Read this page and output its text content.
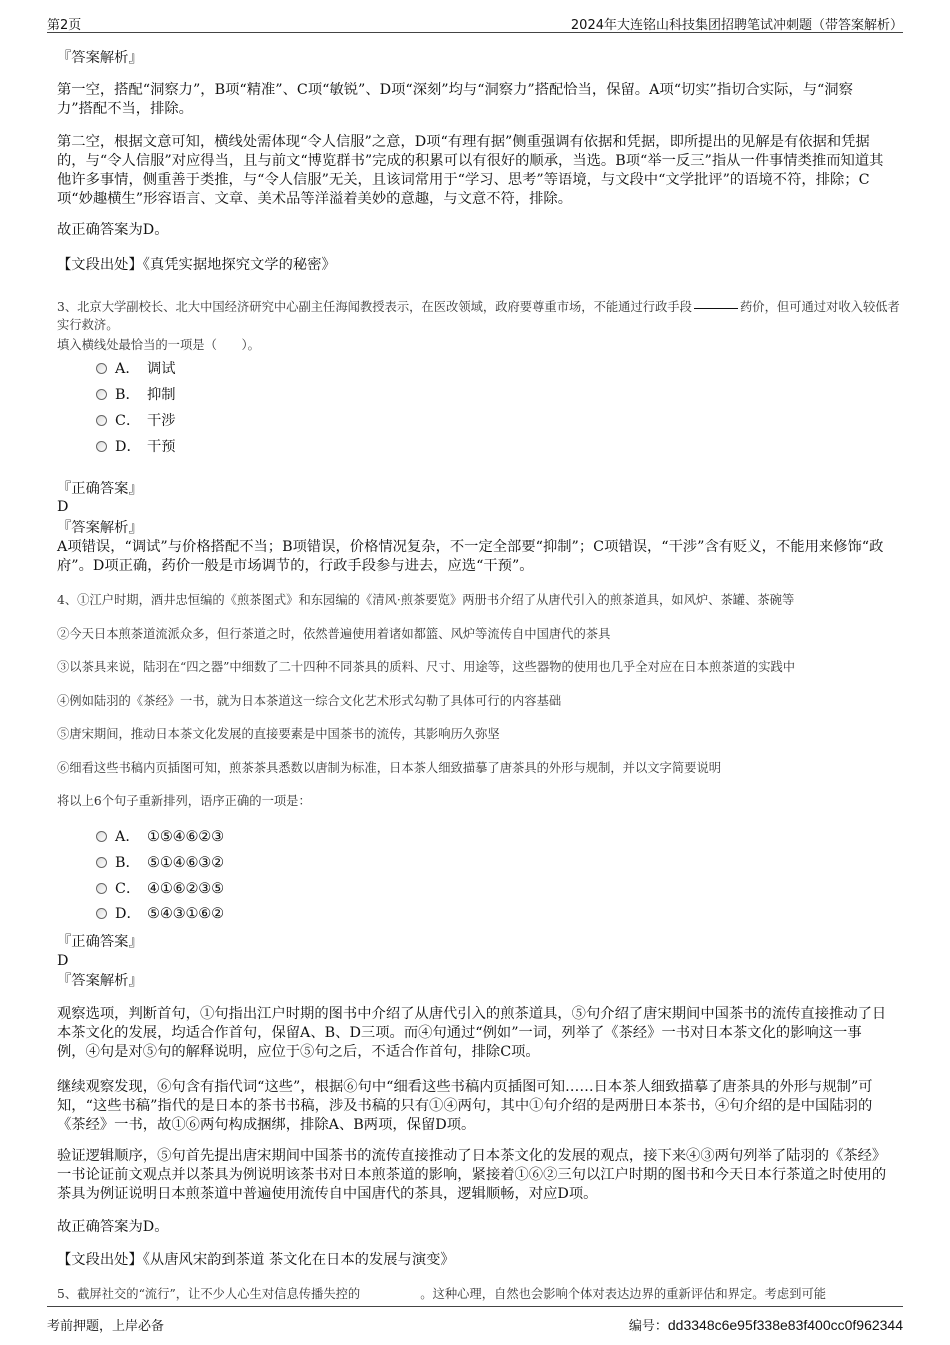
第2页	2024年大连铭山科技集团招聘笔试冲刺题（带答案解析）
『答案解析』
第一空，搭配“洞察力”，B项“精准”、C项“敏锐”、D项“深刻”均与“洞察力”搭配恰当，保留。A项“切实”指切合实际，与“洞察力”搭配不当，排除。
第二空，根据文意可知，横线处需体现“令人信服”之意，D项“有理有据”侧重强调有依据和凭据，即所提出的见解是有依据和凭据的，与“令人信服”对应得当，且与前文“博览群书”完成的积累可以有很好的顺承，当选。B项“举一反三”指从一件事情类推而知道其他许多事情，侧重善于类推，与“令人信服”无关，且该词常用于“学习、思考”等语境，与文段中“文学批评”的语境不符，排除；C项“妙趣横生”形容语言、文章、美术品等洋溢着美妙的意趣，与文意不符，排除。
故正确答案为D。
【文段出处】《真凭实据地探究文学的秘密》
3、北京大学副校长、北大中国经济研究中心副主任海闻教授表示，在医改领域，政府要尊重市场，不能通过行政手段	药价，但可通过对收入较低者实行救济。
填入横线处最恰当的一项是（　　）。
A． 调试
B． 抑制
C． 干涉
D． 干预
『正确答案』
D
『答案解析』
A项错误，“调试”与价格搭配不当；B项错误，价格情况复杂，不一定全部要“抑制”；C项错误，“干涉”含有贬义，不能用来修饰“政府”。D项正确，药价一般是市场调节的，行政手段参与进去，应选“干预”。
4、①江户时期，酒井忠恒编的《煎茶图式》和东园编的《清风·煎茶要览》两册书介绍了从唐代引入的煎茶道具，如风炉、茶罐、茶碗等
②今天日本煎茶道流派众多，但行茶道之时，依然普遍使用着诸如都篮、风炉等流传自中国唐代的茶具
③以茶具来说，陆羽在“四之器”中细数了二十四种不同茶具的质料、尺寸、用途等，这些器物的使用也几乎全对应在日本煎茶道的实践中
④例如陆羽的《茶经》一书，就为日本茶道这一综合文化艺术形式勾勒了具体可行的内容基础
⑤唐宋期间，推动日本茶文化发展的直接要素是中国茶书的流传，其影响历久弥坚
⑥细看这些书稿内页插图可知，煎茶茶具悉数以唐制为标准，日本茶人细致描摹了唐茶具的外形与规制，并以文字简要说明
将以上6个句子重新排列，语序正确的一项是：
A． ①⑤④⑥②③
B． ⑤①④⑥③②
C． ④①⑥②③⑤
D． ⑤④③①⑥②
『正确答案』
D
『答案解析』
观察选项，判断首句，①句指出江户时期的图书中介绍了从唐代引入的煎茶道具，⑤句介绍了唐宋期间中国茶书的流传直接推动了日本茶文化的发展，均适合作首句，保留A、B、D三项。而④句通过“例如”一词，列举了《茶经》一书对日本茶文化的影响这一事例，④句是对⑤句的解释说明，应位于⑤句之后，不适合作首句，排除C项。
继续观察发现，⑥句含有指代词“这些”，根据⑥句中“细看这些书稿内页插图可知……日本茶人细致描摹了唐茶具的外形与规制”可知，“这些书稿”指代的是日本的茶书书稿，涉及书稿的只有①④两句，其中①句介绍的是两册日本茶书，④句介绍的是中国陆羽的《茶经》一书，故①⑥两句构成捆绑，排除A、B两项，保留D项。
验证逻辑顺序，⑤句首先提出唐宋期间中国茶书的流传直接推动了日本茶文化的发展的观点，接下来④③两句列举了陆羽的《茶经》一书论证前文观点并以茶具为例说明该茶书对日本煎茶道的影响，紧接着①⑥②三句以江户时期的图书和今天日本行茶道之时使用的茶具为例证说明日本煎茶道中普遍使用流传自中国唐代的茶具，逻辑顺畅，对应D项。
故正确答案为D。
【文段出处】《从唐风宋韵到茶道 茶文化在日本的发展与演变》
5、截屏社交的“流行”，让不少人心生对信息传播失控的	。这种心理，自然也会影响个体对表达边界的重新评估和界定。考虑到可能
考前押题，上岸必备	编号：dd3348c6e95f338e83f400cc0f962344
